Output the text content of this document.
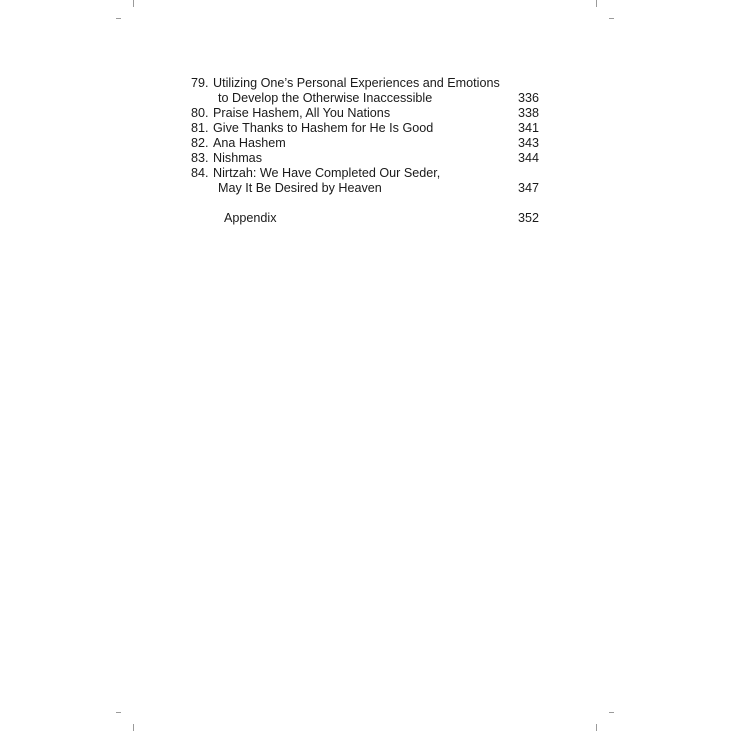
79. Utilizing One’s Personal Experiences and Emotions
to Develop the Otherwise Inaccessible	336
80. Praise Hashem, All You Nations	338
81. Give Thanks to Hashem for He Is Good	341
82. Ana Hashem	343
83. Nishmas	344
84. Nirtzah: We Have Completed Our Seder,
May It Be Desired by Heaven	347
Appendix	352
